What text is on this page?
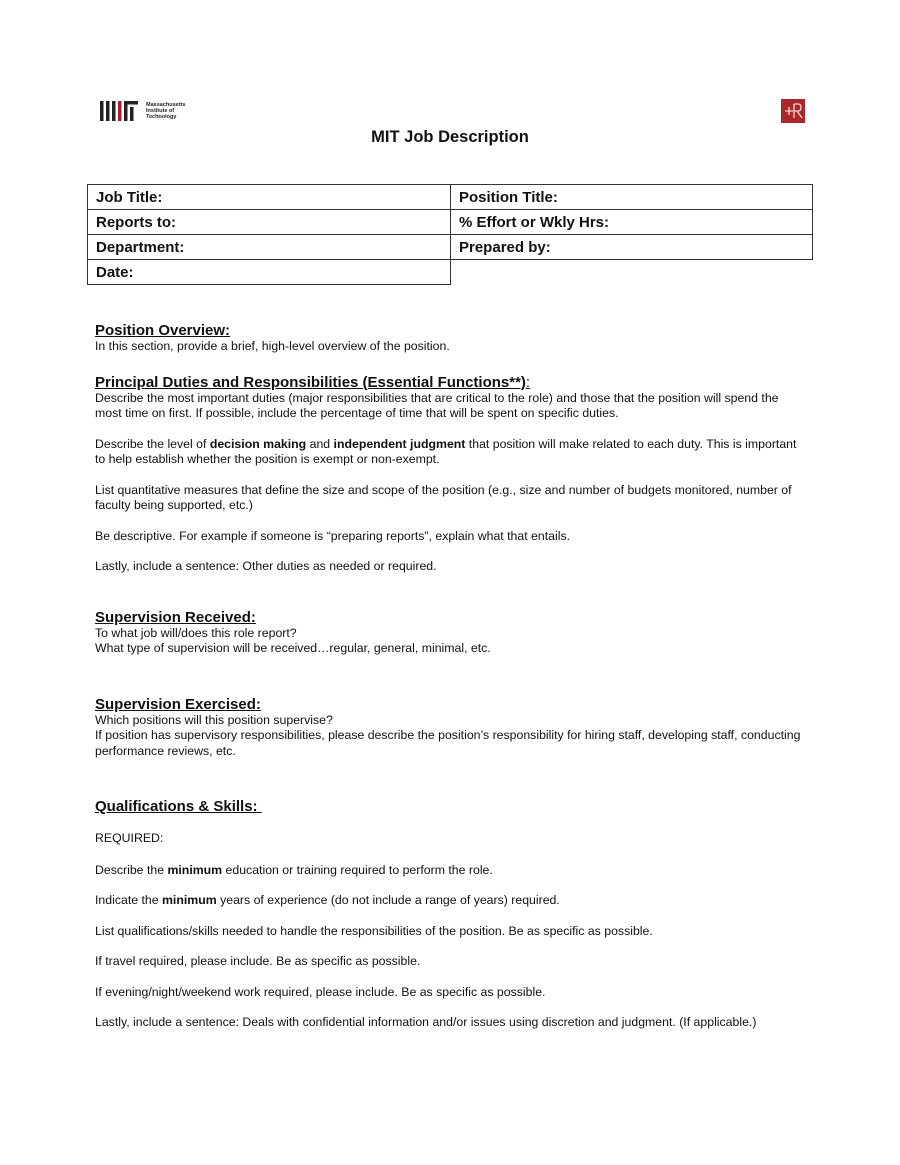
Massachusetts
Institute of
Technology
MIT Job Description
Job Title:	Position Title:
Reports to:	% Effort or Wkly Hrs:
Department:	Prepared by:
Date:
Position Overview:

In this section, provide a brief, high-level overview of the position.

Principal Duties and Responsibilities (Essential Functions**):

Describe the most important duties (major responsibilities that are critical to the role) and those that the position will spend the most time on first. If possible, include the percentage of time that will be spent on specific duties.

Describe the level of decision making and independent judgment that position will make related to each duty. This is important to help establish whether the position is exempt or non-exempt.

List quantitative measures that define the size and scope of the position (e.g., size and number of budgets monitored, number of faculty being supported, etc.)

Be descriptive. For example if someone is “preparing reports”, explain what that entails.

Lastly, include a sentence: Other duties as needed or required.

Supervision Received:

To what job will/does this role report?

What type of supervision will be received…regular, general, minimal, etc.

Supervision Exercised:

Which positions will this position supervise?

If position has supervisory responsibilities, please describe the position’s responsibility for hiring staff, developing staff, conducting performance reviews, etc.

Qualifications & Skills:

REQUIRED:

Describe the minimum education or training required to perform the role.

Indicate the minimum years of experience (do not include a range of years) required.

List qualifications/skills needed to handle the responsibilities of the position. Be as specific as possible.

If travel required, please include. Be as specific as possible.

If evening/night/weekend work required, please include. Be as specific as possible.

Lastly, include a sentence: Deals with confidential information and/or issues using discretion and judgment. (If applicable.)
